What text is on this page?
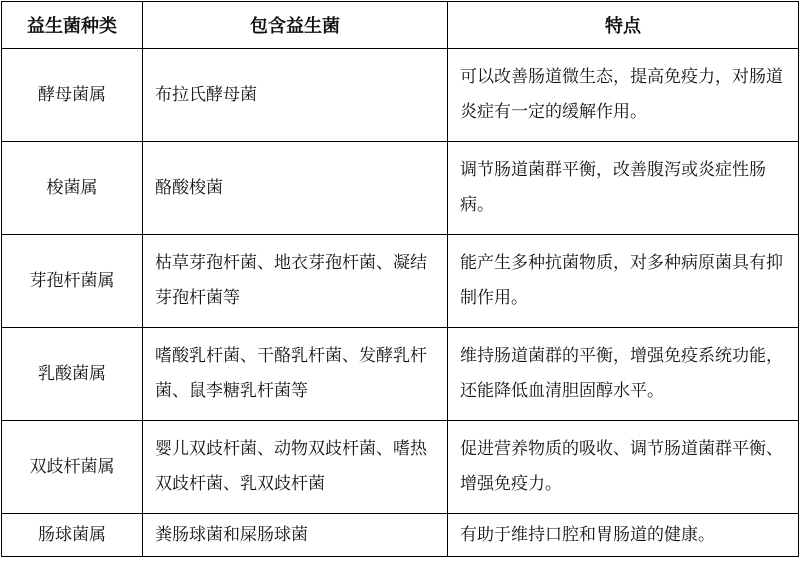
益生菌种类	包含益生菌	特点
酵母菌属	布拉氏酵母菌	可以改善肠道微生态，提高免疫力，对肠道炎症有一定的缓解作用。
梭菌属	酪酸梭菌	调节肠道菌群平衡，改善腹泻或炎症性肠病。
芽孢杆菌属	枯草芽孢杆菌、地衣芽孢杆菌、凝结芽孢杆菌等	能产生多种抗菌物质，对多种病原菌具有抑制作用。
乳酸菌属	嗜酸乳杆菌、干酪乳杆菌、发酵乳杆菌、鼠李糖乳杆菌等	维持肠道菌群的平衡，增强免疫系统功能，还能降低血清胆固醇水平。
双歧杆菌属	婴儿双歧杆菌、动物双歧杆菌、嗜热双歧杆菌、乳双歧杆菌	促进营养物质的吸收、调节肠道菌群平衡、增强免疫力。
肠球菌属	粪肠球菌和屎肠球菌	有助于维持口腔和胃肠道的健康。
